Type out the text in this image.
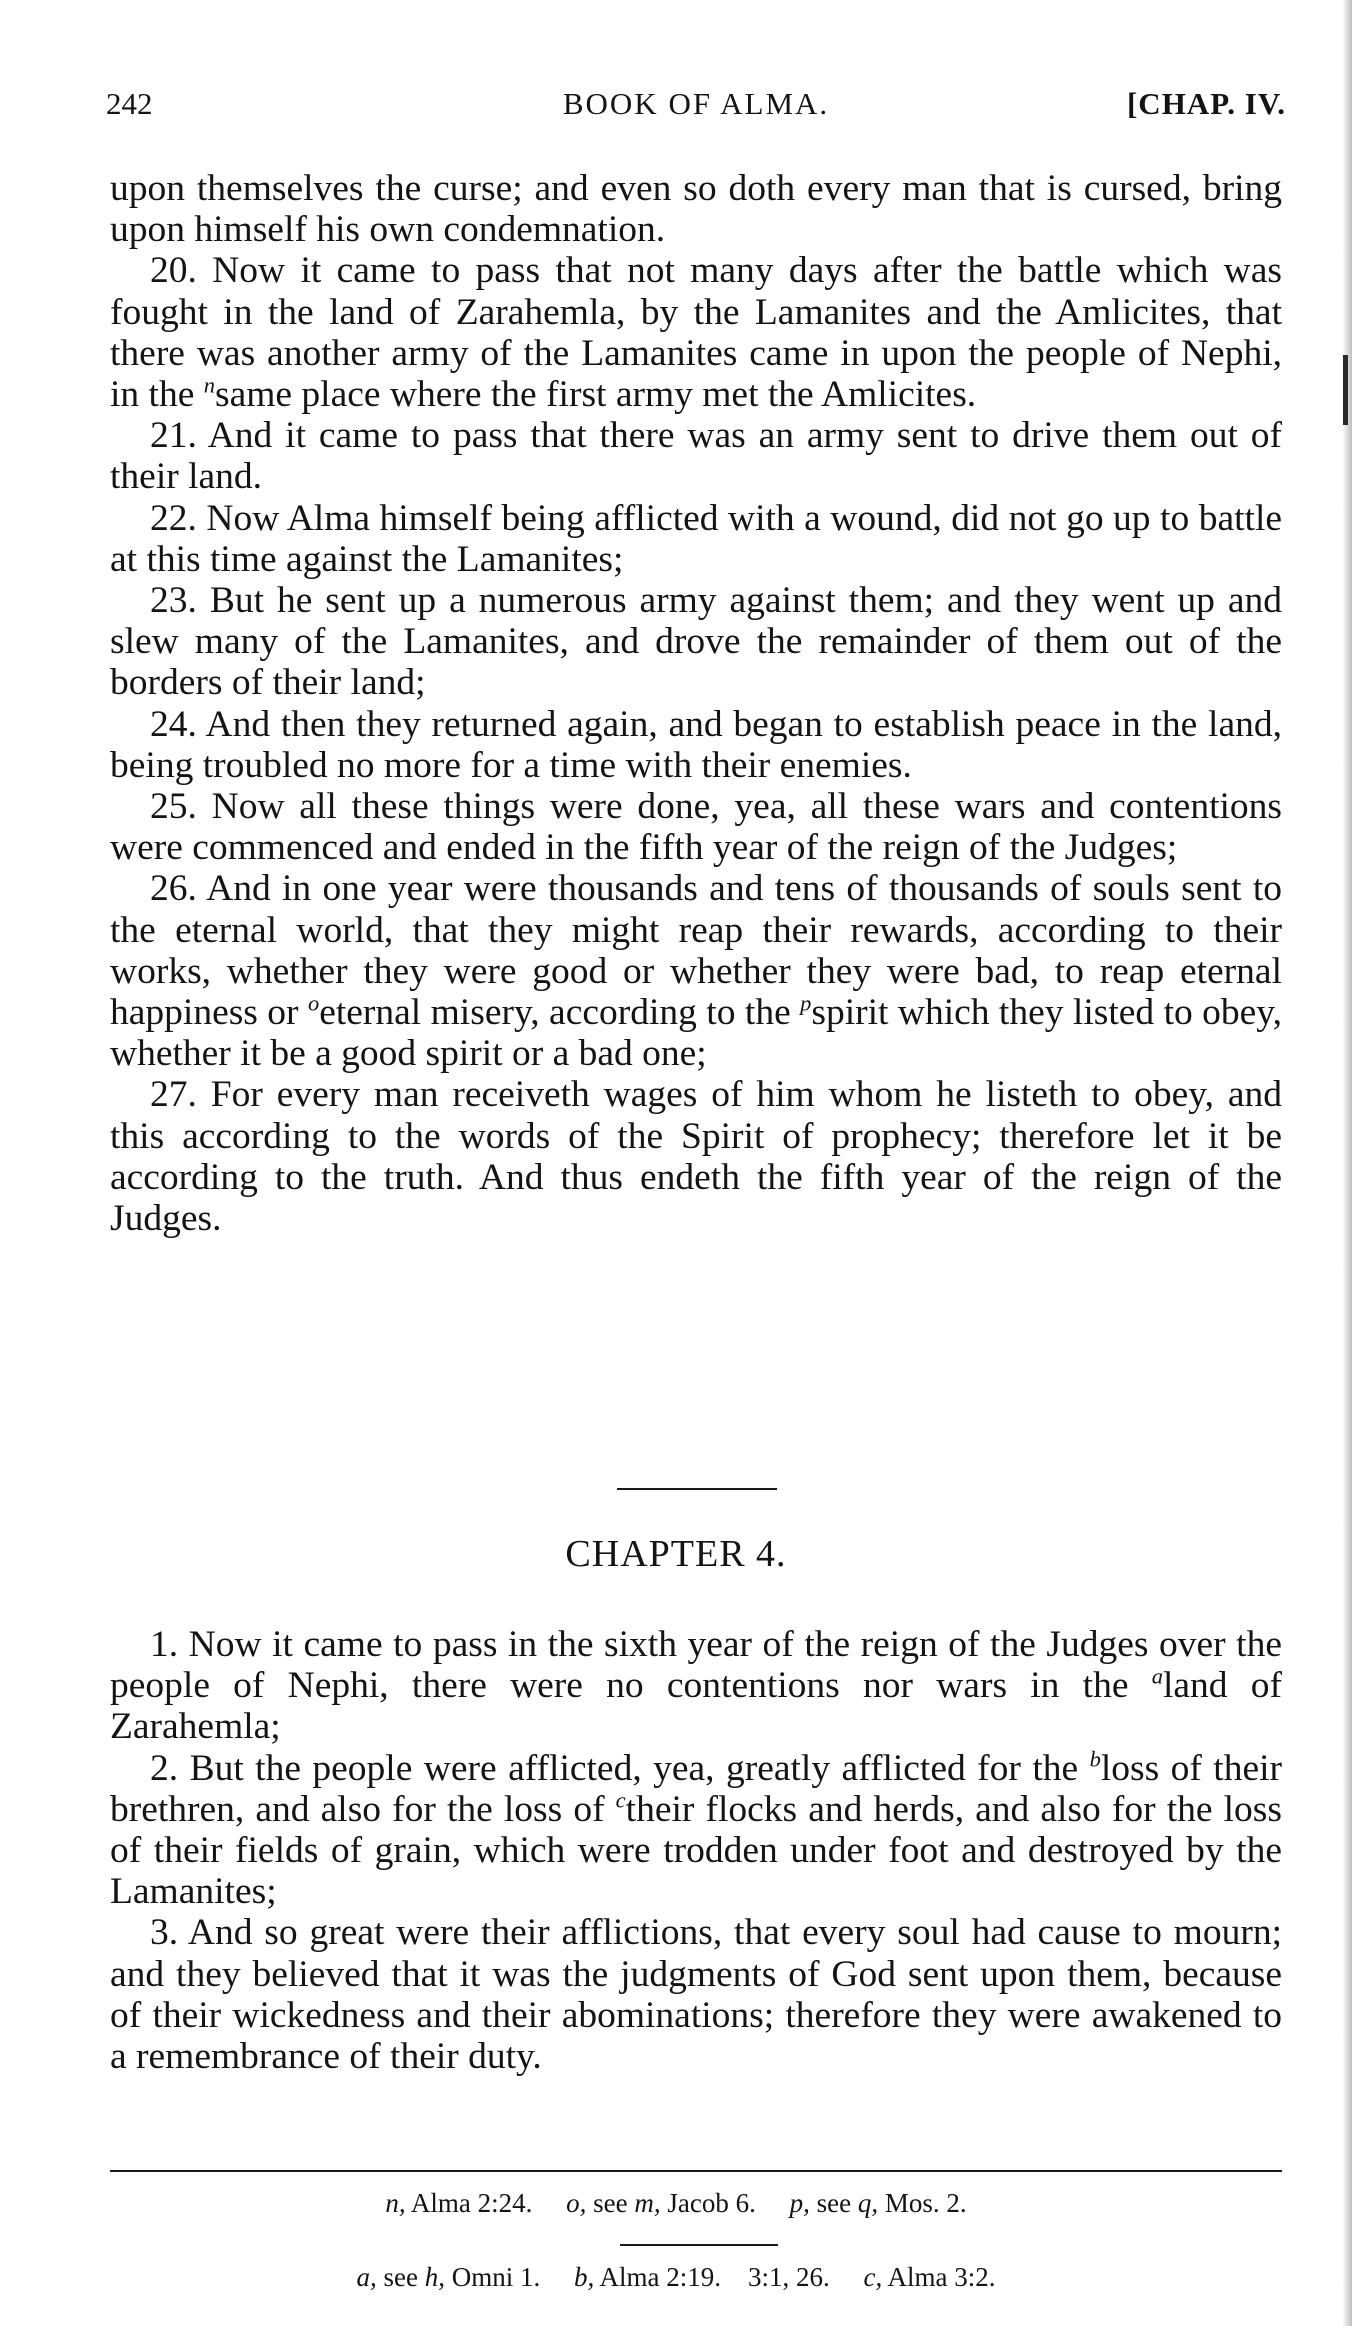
242	BOOK OF ALMA.	[CHAP. IV.

upon themselves the curse; and even so doth every man that is cursed, bring upon himself his own condemnation.

20. Now it came to pass that not many days after the battle which was fought in the land of Zarahemla, by the Lamanites and the Amlicites, that there was another army of the Lamanites came in upon the people of Nephi, in the $^n$same place where the first army met the Amlicites.

21. And it came to pass that there was an army sent to drive them out of their land.

22. Now Alma himself being afflicted with a wound, did not go up to battle at this time against the Lamanites;

23. But he sent up a numerous army against them; and they went up and slew many of the Lamanites, and drove the remainder of them out of the borders of their land;

24. And then they returned again, and began to establish peace in the land, being troubled no more for a time with their enemies.

25. Now all these things were done, yea, all these wars and contentions were commenced and ended in the fifth year of the reign of the Judges;

26. And in one year were thousands and tens of thousands of souls sent to the eternal world, that they might reap their rewards, according to their works, whether they were good or whether they were bad, to reap eternal happiness or $^o$eternal misery, according to the $^p$spirit which they listed to obey, whether it be a good spirit or a bad one;

27. For every man receiveth wages of him whom he listeth to obey, and this according to the words of the Spirit of prophecy; therefore let it be according to the truth. And thus endeth the fifth year of the reign of the Judges.

CHAPTER 4.

1. Now it came to pass in the sixth year of the reign of the Judges over the people of Nephi, there were no contentions nor wars in the $^a$land of Zarahemla;

2. But the people were afflicted, yea, greatly afflicted for the $^b$loss of their brethren, and also for the loss of $^c$their flocks and herds, and also for the loss of their fields of grain, which were trodden under foot and destroyed by the Lamanites;

3. And so great were their afflictions, that every soul had cause to mourn; and they believed that it was the judgments of God sent upon them, because of their wickedness and their abominations; therefore they were awakened to a remembrance of their duty.

n, Alma 2:24. o, see m, Jacob 6. p, see q, Mos. 2.
a, see h, Omni 1. b, Alma 2:19. 3:1, 26. c, Alma 3:2.
